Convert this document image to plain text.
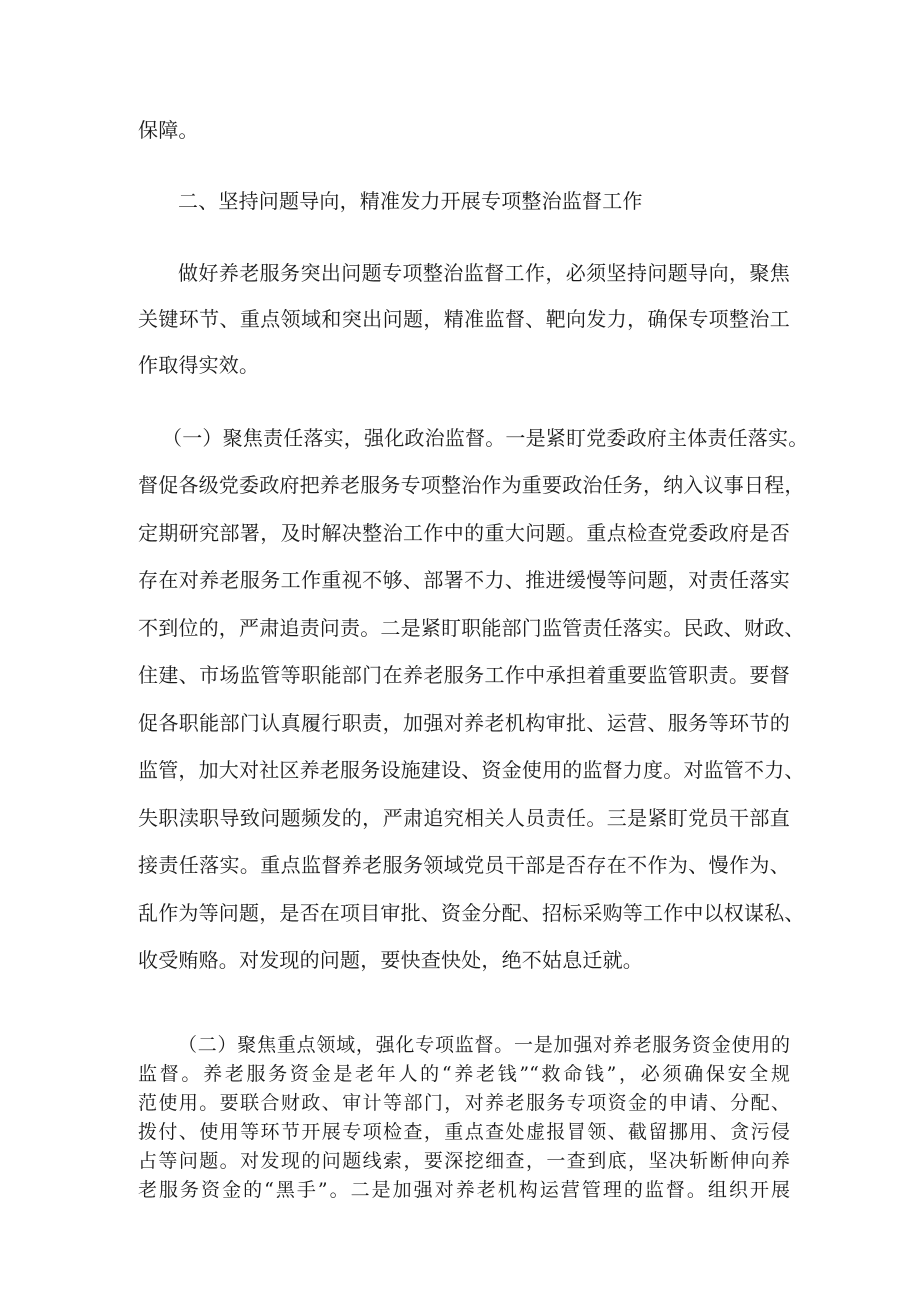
保障。
二、坚持问题导向，精准发力开展专项整治监督工作
做好养老服务突出问题专项整治监督工作，必须坚持问题导向，聚焦
关键环节、重点领域和突出问题，精准监督、靶向发力，确保专项整治工
作取得实效。
（一）聚焦责任落实，强化政治监督。一是紧盯党委政府主体责任落实。
督促各级党委政府把养老服务专项整治作为重要政治任务，纳入议事日程，
定期研究部署，及时解决整治工作中的重大问题。重点检查党委政府是否
存在对养老服务工作重视不够、部署不力、推进缓慢等问题，对责任落实
不到位的，严肃追责问责。二是紧盯职能部门监管责任落实。民政、财政、
住建、市场监管等职能部门在养老服务工作中承担着重要监管职责。要督
促各职能部门认真履行职责，加强对养老机构审批、运营、服务等环节的
监管，加大对社区养老服务设施建设、资金使用的监督力度。对监管不力、
失职渎职导致问题频发的，严肃追究相关人员责任。三是紧盯党员干部直
接责任落实。重点监督养老服务领域党员干部是否存在不作为、慢作为、
乱作为等问题，是否在项目审批、资金分配、招标采购等工作中以权谋私、
收受贿赂。对发现的问题，要快查快处，绝不姑息迁就。
（二）聚焦重点领域，强化专项监督。一是加强对养老服务资金使用的
监督。养老服务资金是老年人的“养老钱”“救命钱”，必须确保安全规
范使用。要联合财政、审计等部门，对养老服务专项资金的申请、分配、
拨付、使用等环节开展专项检查，重点查处虚报冒领、截留挪用、贪污侵
占等问题。对发现的问题线索，要深挖细查，一查到底，坚决斩断伸向养
老服务资金的“黑手”。二是加强对养老机构运营管理的监督。组织开展
